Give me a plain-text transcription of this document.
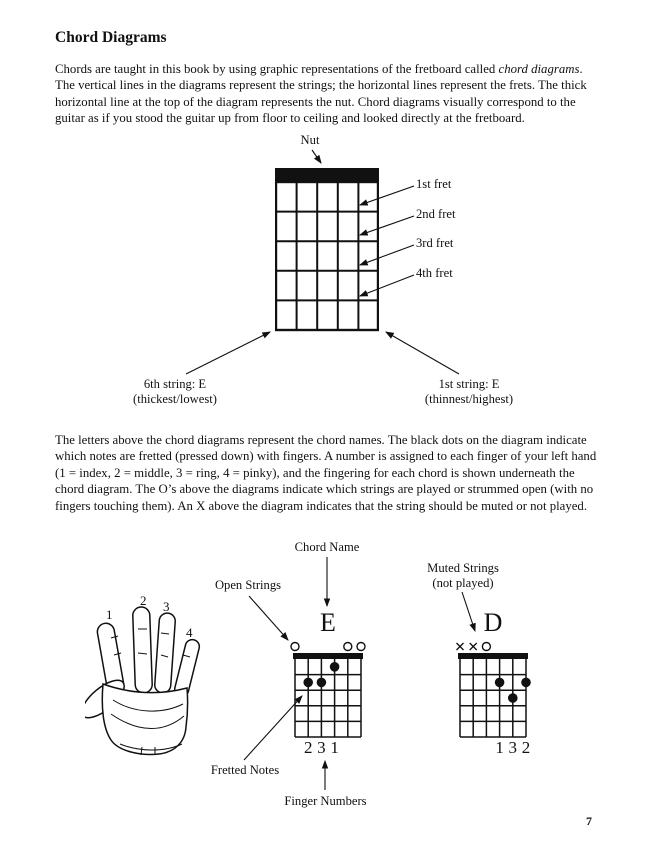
Chord Diagrams
Chords are taught in this book by using graphic representations of the fretboard called chord diagrams. The vertical lines in the diagrams represent the strings; the horizontal lines represent the frets. The thick horizontal line at the top of the diagram represents the nut. Chord diagrams visually correspond to the guitar as if you stood the guitar up from floor to ceiling and looked directly at the fretboard.
Nut
1st fret
2nd fret
3rd fret
4th fret
6th string: E
(thickest/lowest)
1st string: E
(thinnest/highest)
The letters above the chord diagrams represent the chord names. The black dots on the diagram indicate which notes are fretted (pressed down) with fingers. A number is assigned to each finger of your left hand (1 = index, 2 = middle, 3 = ring, 4 = pinky), and the fingering for each chord is shown underneath the chord diagram. The O’s above the diagrams indicate which strings are played or strummed open (with no fingers touching them). An X above the diagram indicates that the string should be muted or not played.
Chord Name
Open Strings
Muted Strings
(not played)
1
2 3
4	E
2 3 1
D
1 3 2
Fretted Notes
Finger Numbers
7
